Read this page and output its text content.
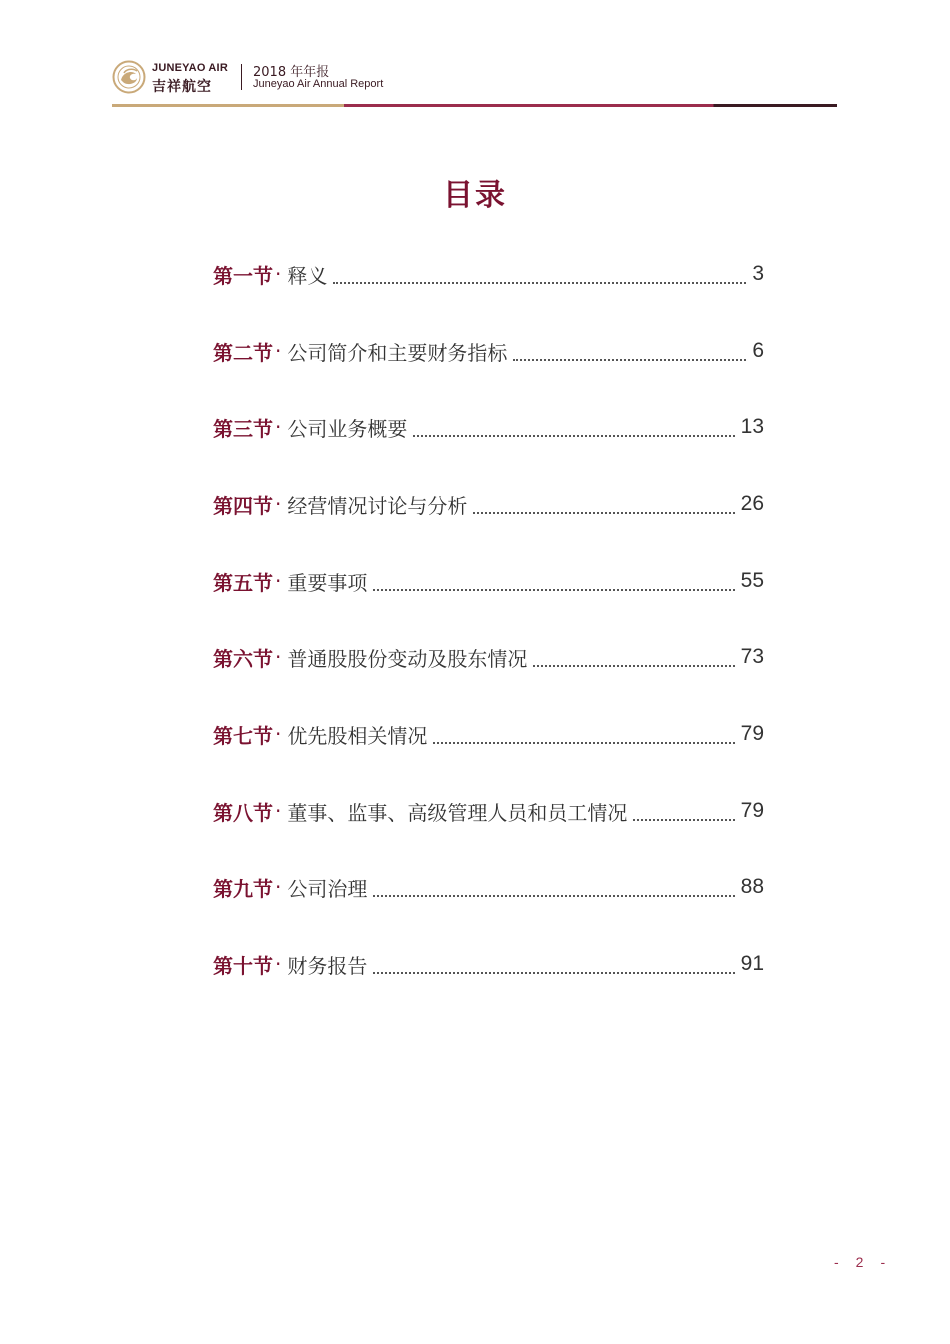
JUNEYAO AIR
吉祥航空
2018 年年报
Juneyao Air Annual Report
目录
第一节 · 释义	3
第二节 · 公司简介和主要财务指标	6
第三节 · 公司业务概要	13
第四节 · 经营情况讨论与分析	26
第五节 · 重要事项	55
第六节 · 普通股股份变动及股东情况	73
第七节 · 优先股相关情况	79
第八节 · 董事、监事、高级管理人员和员工情况	79
第九节 · 公司治理	88
第十节 · 财务报告	91
- 2 -
